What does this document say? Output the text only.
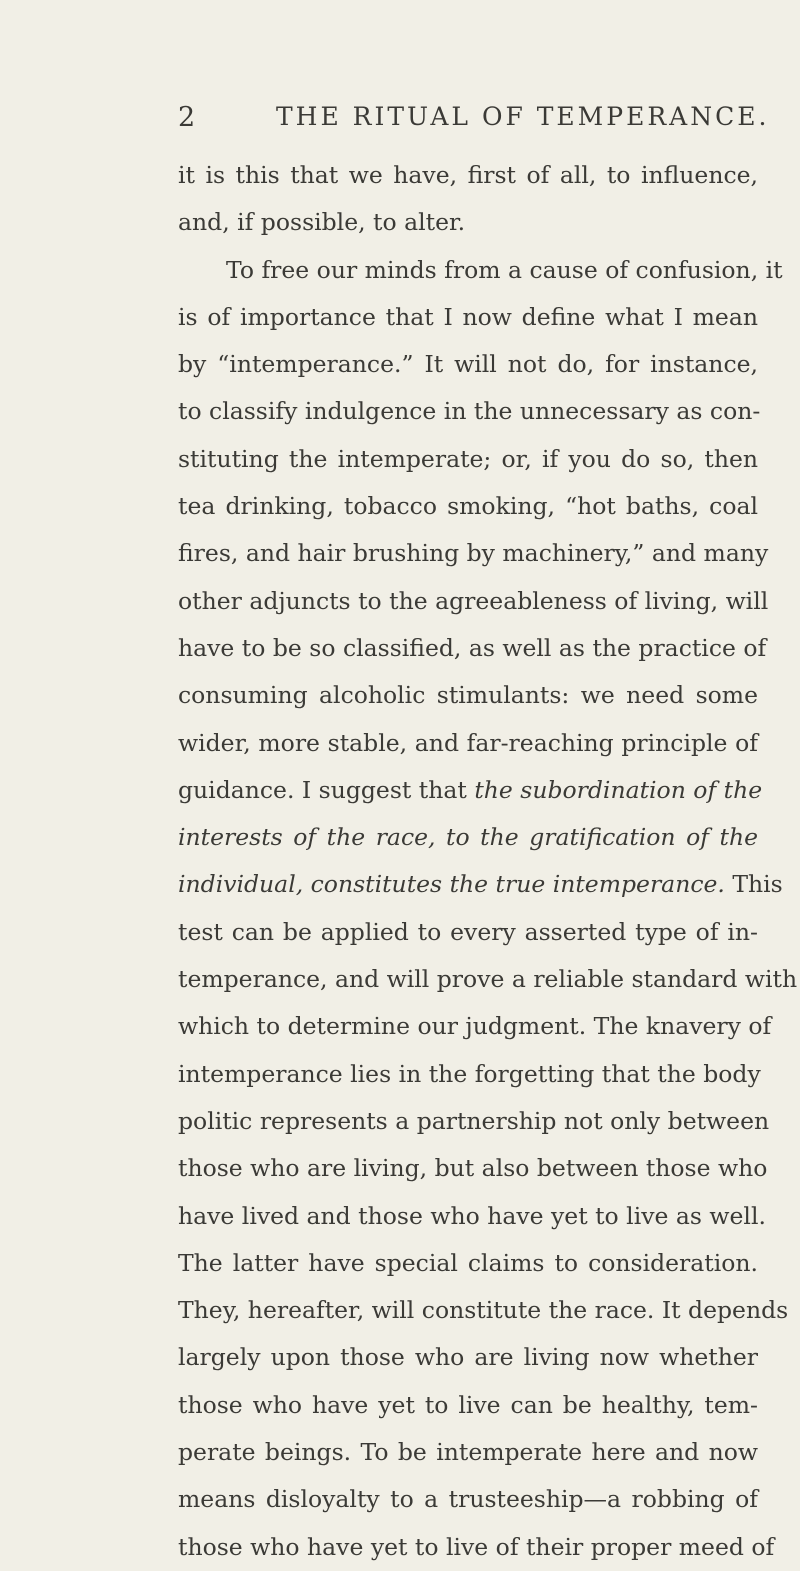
2	THE RITUAL OF TEMPERANCE.
it is this that we have, first of all, to influence,
and, if possible, to alter.
To free our minds from a cause of confusion, it
is of importance that I now define what I mean
by “intemperance.” It will not do, for instance,
to classify indulgence in the unnecessary as con-
stituting the intemperate; or, if you do so, then
tea drinking, tobacco smoking, “hot baths, coal
fires, and hair brushing by machinery,” and many
other adjuncts to the agreeableness of living, will
have to be so classified, as well as the practice of
consuming alcoholic stimulants: we need some
wider, more stable, and far-reaching principle of
guidance. I suggest that the subordination of the
interests of the race, to the gratification of the
individual, constitutes the true intemperance. This
test can be applied to every asserted type of in-
temperance, and will prove a reliable standard with
which to determine our judgment. The knavery of
intemperance lies in the forgetting that the body
politic represents a partnership not only between
those who are living, but also between those who
have lived and those who have yet to live as well.
The latter have special claims to consideration.
They, hereafter, will constitute the race. It depends
largely upon those who are living now whether
those who have yet to live can be healthy, tem-
perate beings. To be intemperate here and now
means disloyalty to a trusteeship—a robbing of
those who have yet to live of their proper meed of
